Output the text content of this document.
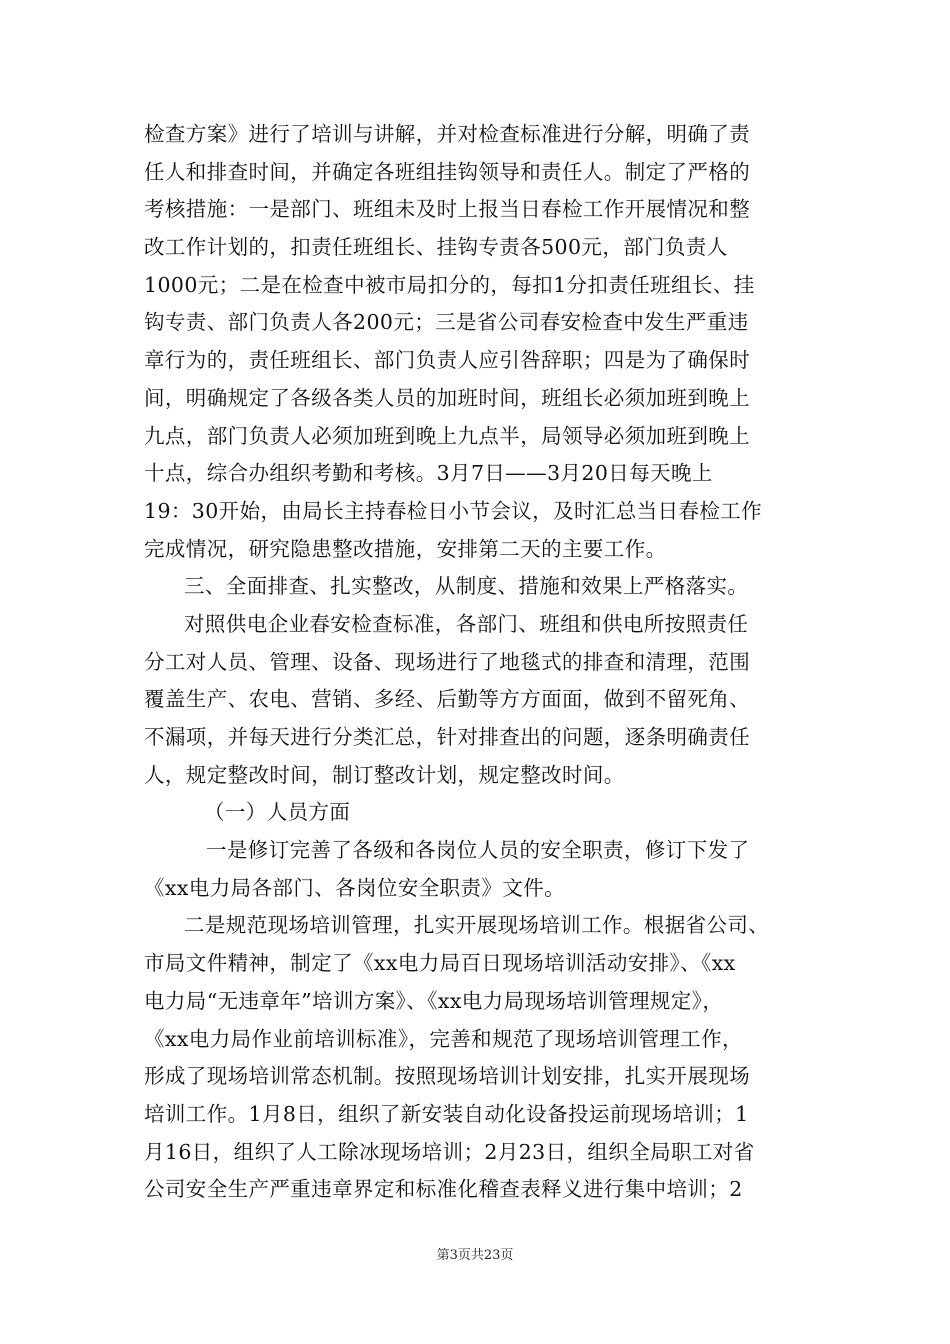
检查方案》进行了培训与讲解，并对检查标准进行分解，明确了责
任人和排查时间，并确定各班组挂钩领导和责任人。制定了严格的
考核措施：一是部门、班组未及时上报当日春检工作开展情况和整
改工作计划的，扣责任班组长、挂钩专责各500元，部门负责人
1000元；二是在检查中被市局扣分的，每扣1分扣责任班组长、挂
钩专责、部门负责人各200元；三是省公司春安检查中发生严重违
章行为的，责任班组长、部门负责人应引咎辞职；四是为了确保时
间，明确规定了各级各类人员的加班时间，班组长必须加班到晚上
九点，部门负责人必须加班到晚上九点半，局领导必须加班到晚上
十点，综合办组织考勤和考核。3月7日——3月20日每天晚上
19：30开始，由局长主持春检日小节会议，及时汇总当日春检工作
完成情况，研究隐患整改措施，安排第二天的主要工作。
三、全面排查、扎实整改，从制度、措施和效果上严格落实。
对照供电企业春安检查标准，各部门、班组和供电所按照责任
分工对人员、管理、设备、现场进行了地毯式的排查和清理，范围
覆盖生产、农电、营销、多经、后勤等方方面面，做到不留死角、
不漏项，并每天进行分类汇总，针对排查出的问题，逐条明确责任
人，规定整改时间，制订整改计划，规定整改时间。
（一）人员方面
一是修订完善了各级和各岗位人员的安全职责，修订下发了
《xx电力局各部门、各岗位安全职责》文件。
二是规范现场培训管理，扎实开展现场培训工作。根据省公司、
市局文件精神，制定了《xx电力局百日现场培训活动安排》、《xx
电力局“无违章年”培训方案》、《xx电力局现场培训管理规定》，
《xx电力局作业前培训标准》，完善和规范了现场培训管理工作，
形成了现场培训常态机制。按照现场培训计划安排，扎实开展现场
培训工作。1月8日，组织了新安装自动化设备投运前现场培训；1
月16日，组织了人工除冰现场培训；2月23日，组织全局职工对省
公司安全生产严重违章界定和标准化稽查表释义进行集中培训；2
第3页共23页
